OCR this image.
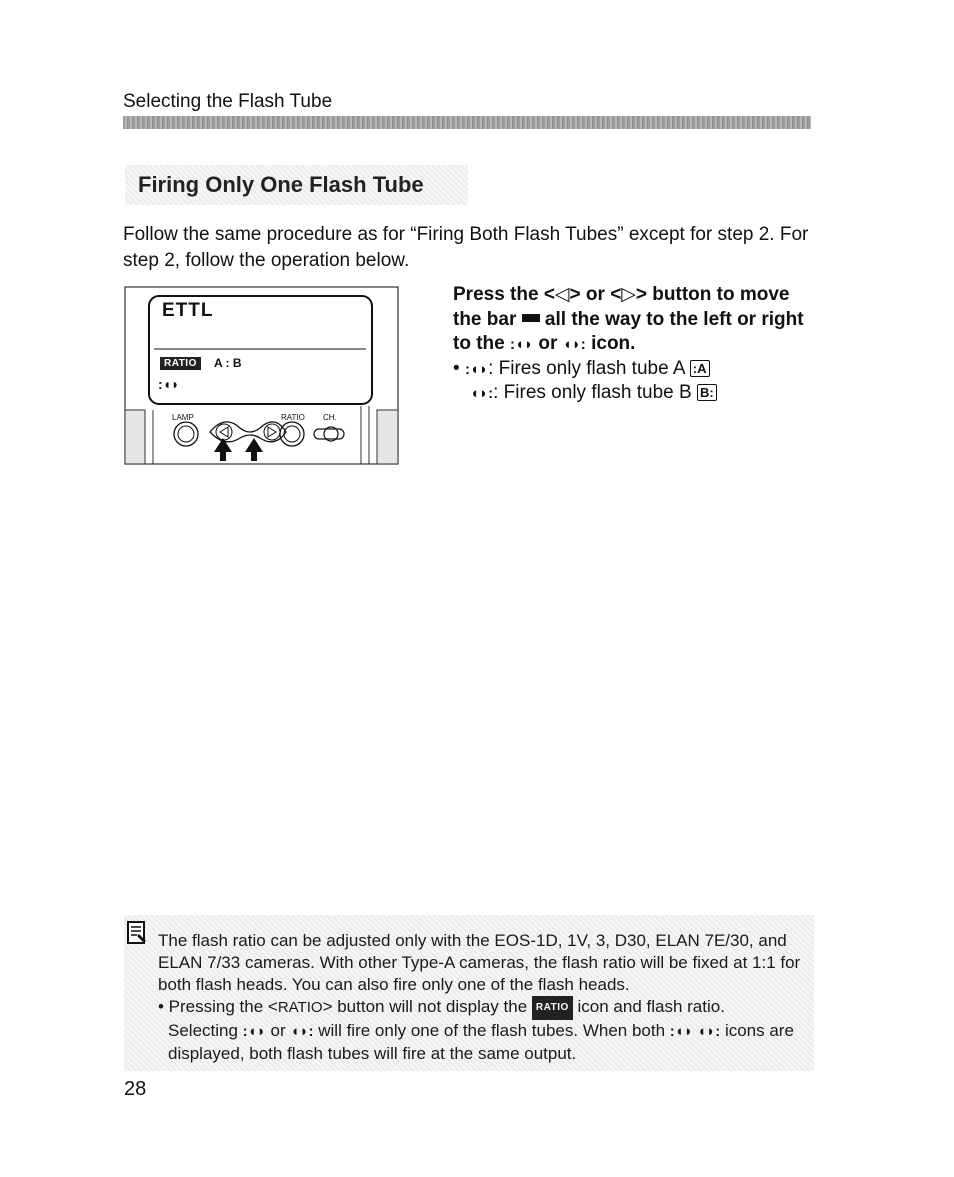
Selecting the Flash Tube
Firing Only One Flash Tube

Follow the same procedure as for “Firing Both Flash Tubes” except for step 2. For step 2, follow the operation below.

ETTL
RATIO	A : B
:◖◗
LAMP	RATIO CH.
Press the <◁> or <▷> button to move the bar all the way to the left or right to the :◖◗ or ◖◗: icon.
• :◖◗: Fires only flash tube A :A
◖◗:: Fires only flash tube B B:

The flash ratio can be adjusted only with the EOS-1D, 1V, 3, D30, ELAN 7E/30, and ELAN 7/33 cameras. With other Type-A cameras, the flash ratio will be fixed at 1:1 for both flash heads. You can also fire only one of the flash heads.

• Pressing the <RATIO> button will not display the RATIO icon and flash ratio.

Selecting :◖◗ or ◖◗: will fire only one of the flash tubes. When both :◖◗ ◖◗: icons are displayed, both flash tubes will fire at the same output.

28
